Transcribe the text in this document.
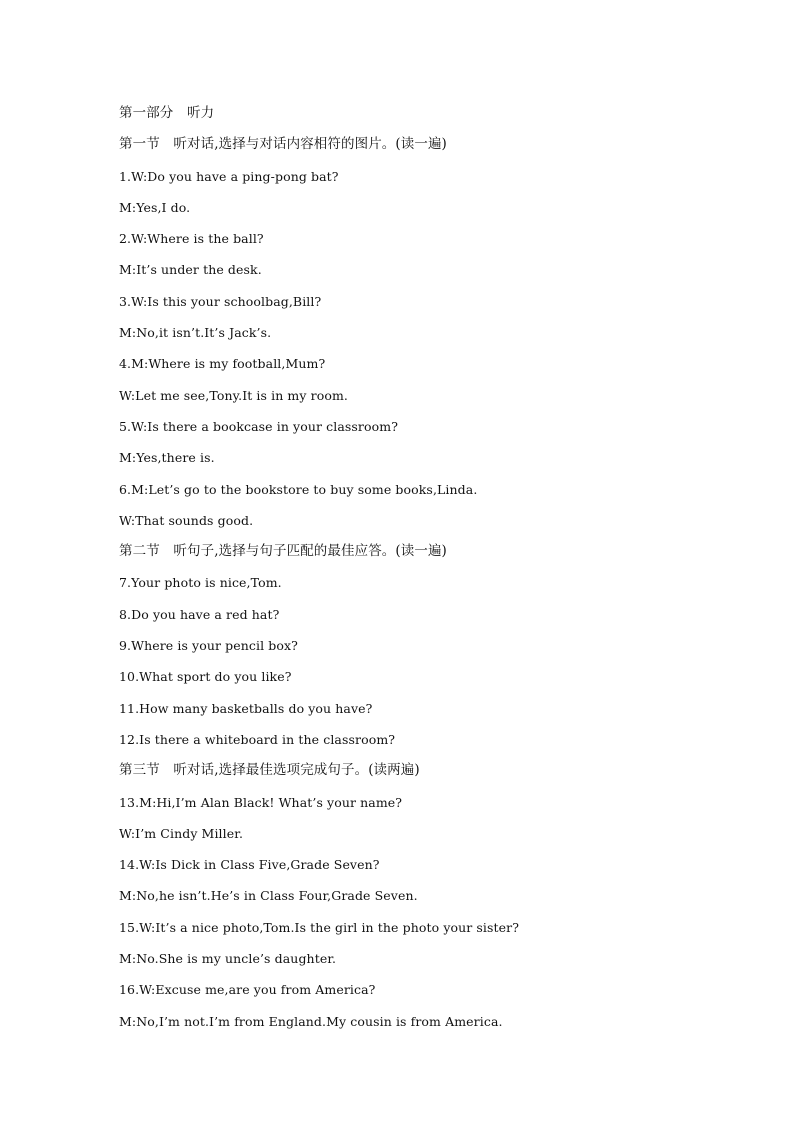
第一部分　听力
第一节　听对话,选择与对话内容相符的图片。(读一遍)
1.W:Do you have a ping-pong bat?
M:Yes,I do.
2.W:Where is the ball?
M:It’s under the desk.
3.W:Is this your schoolbag,Bill?
M:No,it isn’t.It’s Jack’s.
4.M:Where is my football,Mum?
W:Let me see,Tony.It is in my room.
5.W:Is there a bookcase in your classroom?
M:Yes,there is.
6.M:Let’s go to the bookstore to buy some books,Linda.
W:That sounds good.
第二节　听句子,选择与句子匹配的最佳应答。(读一遍)
7.Your photo is nice,Tom.
8.Do you have a red hat?
9.Where is your pencil box?
10.What sport do you like?
11.How many basketballs do you have?
12.Is there a whiteboard in the classroom?
第三节　听对话,选择最佳选项完成句子。(读两遍)
13.M:Hi,I’m Alan Black! What’s your name?
W:I’m Cindy Miller.
14.W:Is Dick in Class Five,Grade Seven?
M:No,he isn’t.He’s in Class Four,Grade Seven.
15.W:It’s a nice photo,Tom.Is the girl in the photo your sister?
M:No.She is my uncle’s daughter.
16.W:Excuse me,are you from America?
M:No,I’m not.I’m from England.My cousin is from America.
